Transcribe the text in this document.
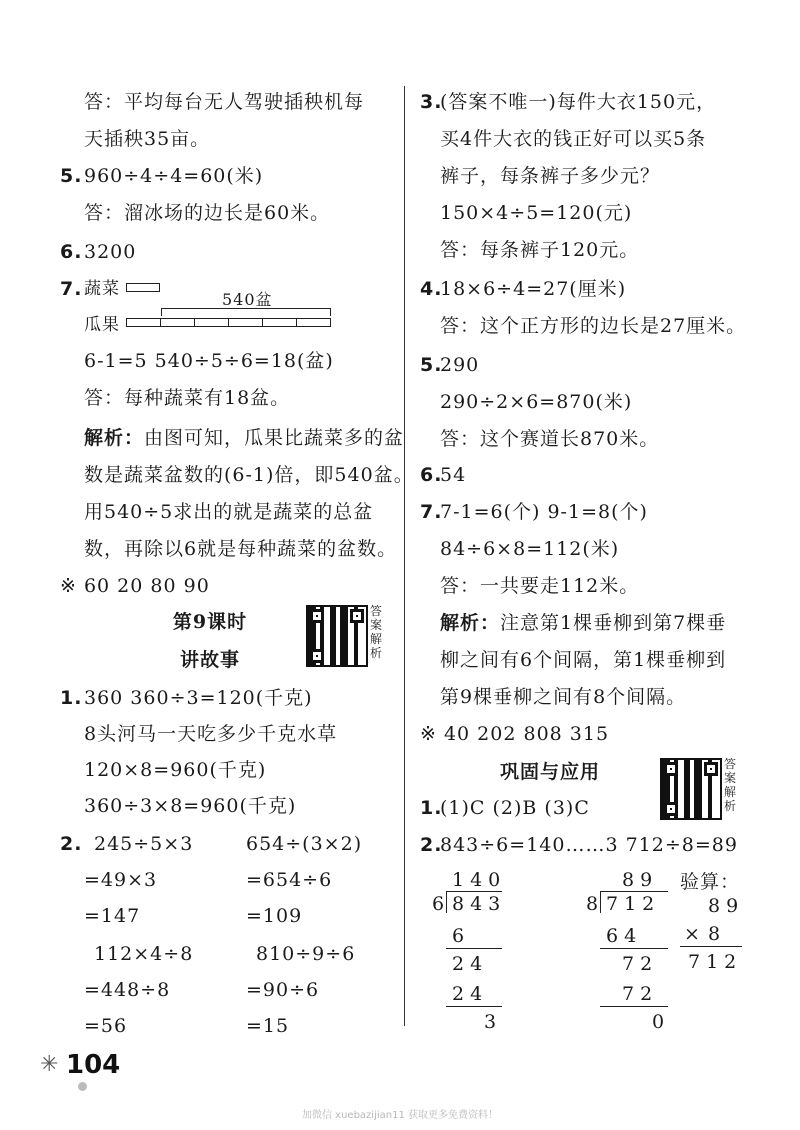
答：平均每台无人驾驶插秧机每
天插秧35亩。
5. 960÷4÷4=60(米)
答：溜冰场的边长是60米。
6. 3200
7. 蔬菜
540盆
瓜果
6-1=5 540÷5÷6=18(盆)
答：每种蔬菜有18盆。
解析：由图可知，瓜果比蔬菜多的盆
数是蔬菜盆数的(6-1)倍，即540盆。
用540÷5求出的就是蔬菜的总盆
数，再除以6就是每种蔬菜的盆数。
※ 60 20 80 90
第9课时
讲故事
答案解析
1. 360 360÷3=120(千克)
8头河马一天吃多少千克水草
120×8=960(千克)
360÷3×8=960(千克)
2. 245÷5×3
=49×3
=147
654÷(3×2)
=654÷6
=109
112×4÷8
=448÷8
=56
810÷9÷6
=90÷6
=15
3.
(答案不唯一)每件大衣150元，
买4件大衣的钱正好可以买5条
裤子，每条裤子多少元？
150×4÷5=120(元)
答：每条裤子120元。
4.
18×6÷4=27(厘米)
答：这个正方形的边长是27厘米。
5.
290
290÷2×6=870(米)
答：这个赛道长870米。
6.
54
7.
7-1=6(个) 9-1=8(个)
84÷6×8=112(米)
答：一共要走112米。
解析：注意第1棵垂柳到第7棵垂
柳之间有6个间隔，第1棵垂柳到
第9棵垂柳之间有8个间隔。
※ 40 202 808 315
巩固与应用	答案解析
1.
(1)C (2)B (3)C
2.
843÷6=140……3 712÷8=89
140
6 843
6
24
24
3
89
8 712
64
72
72
0
验算：
89
× 8
712
✳ 104
加微信 xuebazijian11 获取更多免费资料！
